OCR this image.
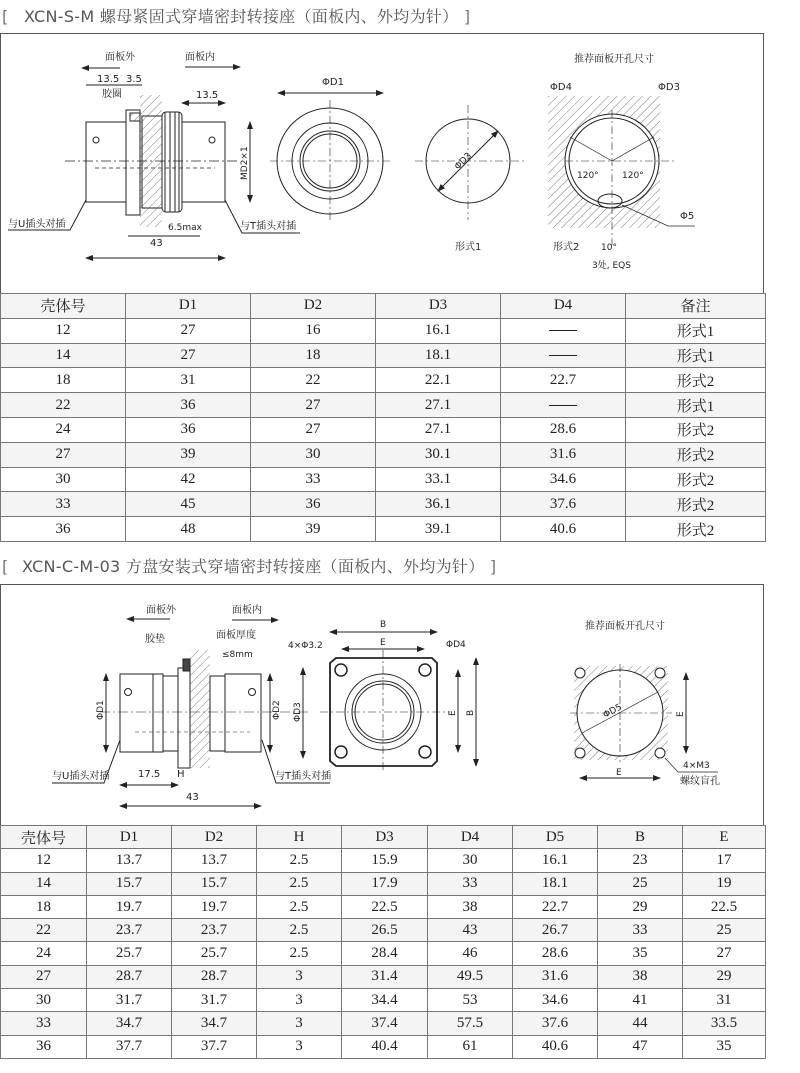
[ XCN-S-M 螺母紧固式穿墙密封转接座（面板内、外均为针） ]
面板外	面板内
13.5 3.5
胶圈	13.5
MD2×1
与U插头对插	与T插头对插
6.5max
43
ΦD1
ΦD3
形式1
推荐面板开孔尺寸
ΦD4	ΦD3
120°	120°
Φ5
形式2 10°
3处, EQS
壳体号	D1	D2	D3	D4	备注
12	27	16	16.1		形式1
14	27	18	18.1		形式1
18	31	22	22.1	22.7	形式2
22	36	27	27.1		形式1
24	36	27	27.1	28.6	形式2
27	39	30	30.1	31.6	形式2
30	42	33	33.1	34.6	形式2
33	45	36	36.1	37.6	形式2
36	48	39	39.1	40.6	形式2
[ XCN-C-M-03 方盘安装式穿墙密封转接座（面板内、外均为针） ]
面板外	面板内
胶垫	面板厚度
≤8mm
ΦD1	ΦD2 ΦD3
与U插头对插	与T插头对插
17.5 H
43
4×Φ3.2
B
E	ΦD4
E B
推荐面板开孔尺寸
ΦD5	E
E
4×M3
螺纹盲孔
壳体号	D1	D2	H	D3	D4	D5	B	E
12	13.7	13.7	2.5	15.9	30	16.1	23	17
14	15.7	15.7	2.5	17.9	33	18.1	25	19
18	19.7	19.7	2.5	22.5	38	22.7	29	22.5
22	23.7	23.7	2.5	26.5	43	26.7	33	25
24	25.7	25.7	2.5	28.4	46	28.6	35	27
27	28.7	28.7	3	31.4	49.5	31.6	38	29
30	31.7	31.7	3	34.4	53	34.6	41	31
33	34.7	34.7	3	37.4	57.5	37.6	44	33.5
36	37.7	37.7	3	40.4	61	40.6	47	35
